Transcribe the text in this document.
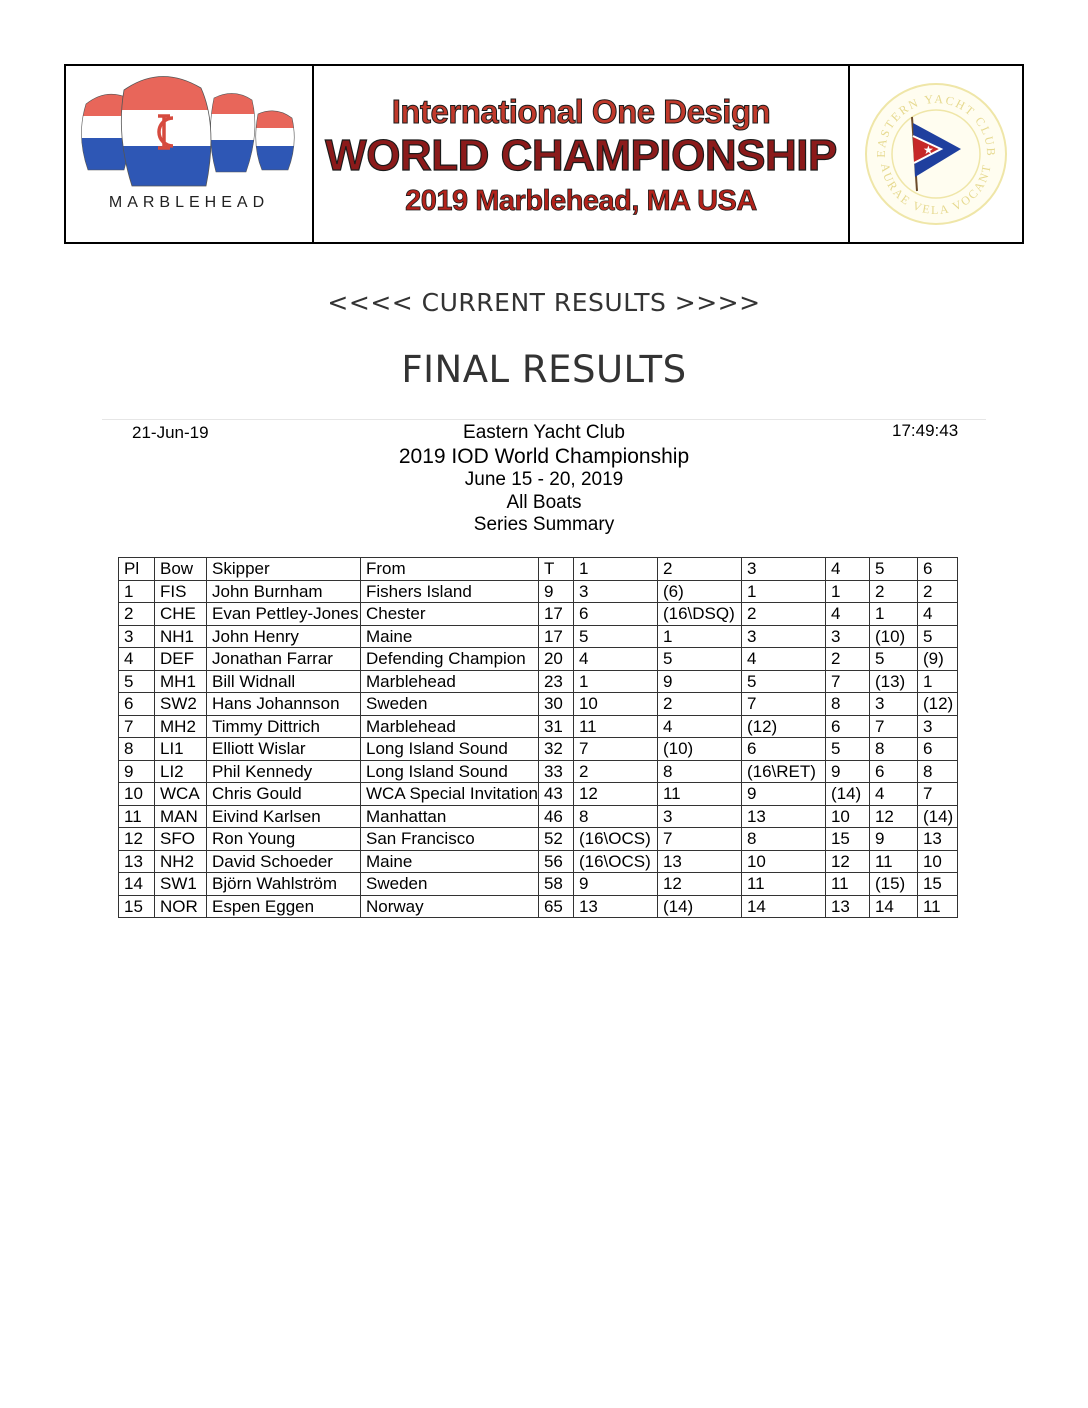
MARBLEHEAD
International One Design
WORLD CHAMPIONSHIP
2019 Marblehead, MA USA
EASTERN YACHT CLUB
AURAE VELA VOCANT
★
<<<< CURRENT RESULTS >>>>
FINAL RESULTS
21-Jun-19	17:49:43
Eastern Yacht Club
2019 IOD World Championship
June 15 - 20, 2019
All Boats
Series Summary
Pl	Bow	Skipper	From	T	1	2	3	4	5	6
1	FIS	John Burnham	Fishers Island	9	3	(6)	1	1	2	2
2	CHE	Evan Pettley-Jones	Chester	17	6	(16\DSQ)	2	4	1	4
3	NH1	John Henry	Maine	17	5	1	3	3	(10)	5
4	DEF	Jonathan Farrar	Defending Champion	20	4	5	4	2	5	(9)
5	MH1	Bill Widnall	Marblehead	23	1	9	5	7	(13)	1
6	SW2	Hans Johannson	Sweden	30	10	2	7	8	3	(12)
7	MH2	Timmy Dittrich	Marblehead	31	11	4	(12)	6	7	3
8	LI1	Elliott Wislar	Long Island Sound	32	7	(10)	6	5	8	6
9	LI2	Phil Kennedy	Long Island Sound	33	2	8	(16\RET)	9	6	8
10	WCA	Chris Gould	WCA Special Invitation	43	12	11	9	(14)	4	7
11	MAN	Eivind Karlsen	Manhattan	46	8	3	13	10	12	(14)
12	SFO	Ron Young	San Francisco	52	(16\OCS)	7	8	15	9	13
13	NH2	David Schoeder	Maine	56	(16\OCS)	13	10	12	11	10
14	SW1	Björn Wahlström	Sweden	58	9	12	11	11	(15)	15
15	NOR	Espen Eggen	Norway	65	13	(14)	14	13	14	11
